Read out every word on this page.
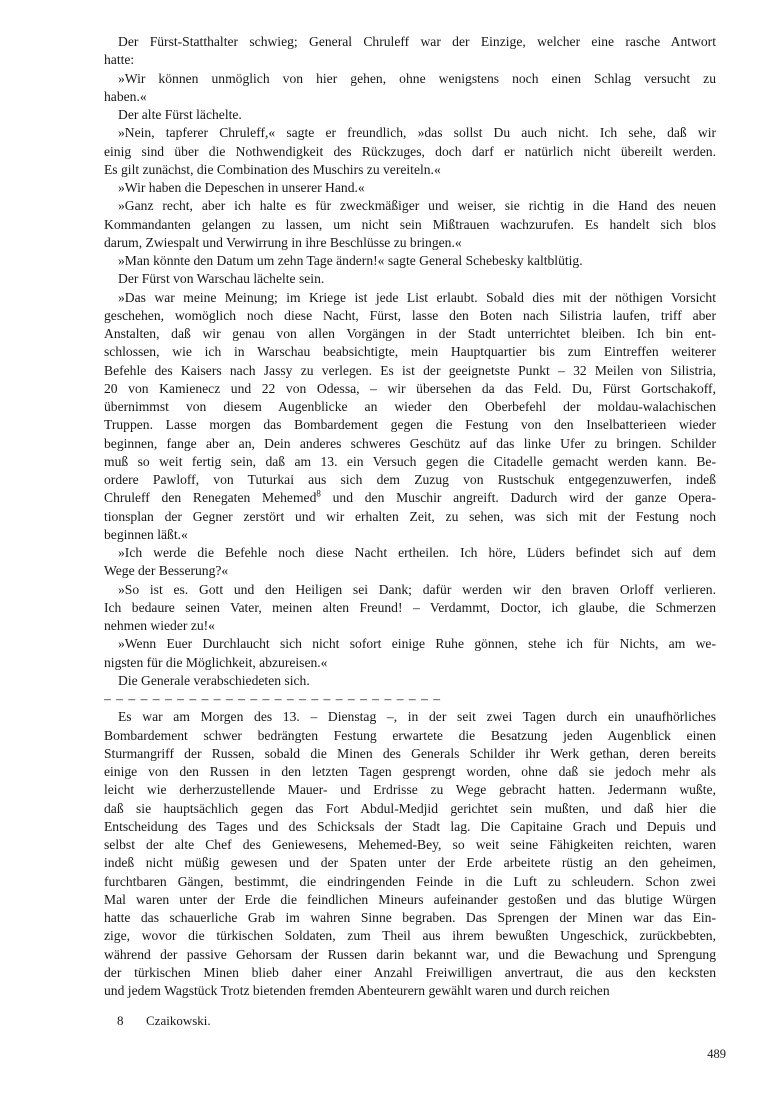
Der Fürst-Statthalter schwieg; General Chruleff war der Einzige, welcher eine rasche Antwort
hatte:
»Wir können unmöglich von hier gehen, ohne wenigstens noch einen Schlag versucht zu
haben.«
Der alte Fürst lächelte.
»Nein, tapferer Chruleff,« sagte er freundlich, »das sollst Du auch nicht. Ich sehe, daß wir
einig sind über die Nothwendigkeit des Rückzuges, doch darf er natürlich nicht übereilt werden.
Es gilt zunächst, die Combination des Muschirs zu vereiteln.«
»Wir haben die Depeschen in unserer Hand.«
»Ganz recht, aber ich halte es für zweckmäßiger und weiser, sie richtig in die Hand des neuen
Kommandanten gelangen zu lassen, um nicht sein Mißtrauen wachzurufen. Es handelt sich blos
darum, Zwiespalt und Verwirrung in ihre Beschlüsse zu bringen.«
»Man könnte den Datum um zehn Tage ändern!« sagte General Schebesky kaltblütig.
Der Fürst von Warschau lächelte sein.
»Das war meine Meinung; im Kriege ist jede List erlaubt. Sobald dies mit der nöthigen Vorsicht
geschehen, womöglich noch diese Nacht, Fürst, lasse den Boten nach Silistria laufen, triff aber
Anstalten, daß wir genau von allen Vorgängen in der Stadt unterrichtet bleiben. Ich bin ent-
schlossen, wie ich in Warschau beabsichtigte, mein Hauptquartier bis zum Eintreffen weiterer
Befehle des Kaisers nach Jassy zu verlegen. Es ist der geeignetste Punkt – 32 Meilen von Silistria,
20 von Kamienecz und 22 von Odessa, – wir übersehen da das Feld. Du, Fürst Gortschakoff,
übernimmst von diesem Augenblicke an wieder den Oberbefehl der moldau-walachischen
Truppen. Lasse morgen das Bombardement gegen die Festung von den Inselbatterieen wieder
beginnen, fange aber an, Dein anderes schweres Geschütz auf das linke Ufer zu bringen. Schilder
muß so weit fertig sein, daß am 13. ein Versuch gegen die Citadelle gemacht werden kann. Be-
ordere Pawloff, von Tuturkai aus sich dem Zuzug von Rustschuk entgegenzuwerfen, indeß
Chruleff den Renegaten Mehemed$^8$ und den Muschir angreift. Dadurch wird der ganze Opera-
tionsplan der Gegner zerstört und wir erhalten Zeit, zu sehen, was sich mit der Festung noch
beginnen läßt.«
»Ich werde die Befehle noch diese Nacht ertheilen. Ich höre, Lüders befindet sich auf dem
Wege der Besserung?«
»So ist es. Gott und den Heiligen sei Dank; dafür werden wir den braven Orloff verlieren.
Ich bedaure seinen Vater, meinen alten Freund! – Verdammt, Doctor, ich glaube, die Schmerzen
nehmen wieder zu!«
»Wenn Euer Durchlaucht sich nicht sofort einige Ruhe gönnen, stehe ich für Nichts, am we-
nigsten für die Möglichkeit, abzureisen.«
Die Generale verabschiedeten sich.
– – – – – – – – – – – – – – – – – – – – – – – – – – – –
Es war am Morgen des 13. – Dienstag –, in der seit zwei Tagen durch ein unaufhörliches
Bombardement schwer bedrängten Festung erwartete die Besatzung jeden Augenblick einen
Sturmangriff der Russen, sobald die Minen des Generals Schilder ihr Werk gethan, deren bereits
einige von den Russen in den letzten Tagen gesprengt worden, ohne daß sie jedoch mehr als
leicht wie derherzustellende Mauer- und Erdrisse zu Wege gebracht hatten. Jedermann wußte,
daß sie hauptsächlich gegen das Fort Abdul-Medjid gerichtet sein mußten, und daß hier die
Entscheidung des Tages und des Schicksals der Stadt lag. Die Capitaine Grach und Depuis und
selbst der alte Chef des Geniewesens, Mehemed-Bey, so weit seine Fähigkeiten reichten, waren
indeß nicht müßig gewesen und der Spaten unter der Erde arbeitete rüstig an den geheimen,
furchtbaren Gängen, bestimmt, die eindringenden Feinde in die Luft zu schleudern. Schon zwei
Mal waren unter der Erde die feindlichen Mineurs aufeinander gestoßen und das blutige Würgen
hatte das schauerliche Grab im wahren Sinne begraben. Das Sprengen der Minen war das Ein-
zige, wovor die türkischen Soldaten, zum Theil aus ihrem bewußten Ungeschick, zurückbebten,
während der passive Gehorsam der Russen darin bekannt war, und die Bewachung und Sprengung
der türkischen Minen blieb daher einer Anzahl Freiwilligen anvertraut, die aus den kecksten
und jedem Wagstück Trotz bietenden fremden Abenteurern gewählt waren und durch reichen
8 Czaikowski.
489
